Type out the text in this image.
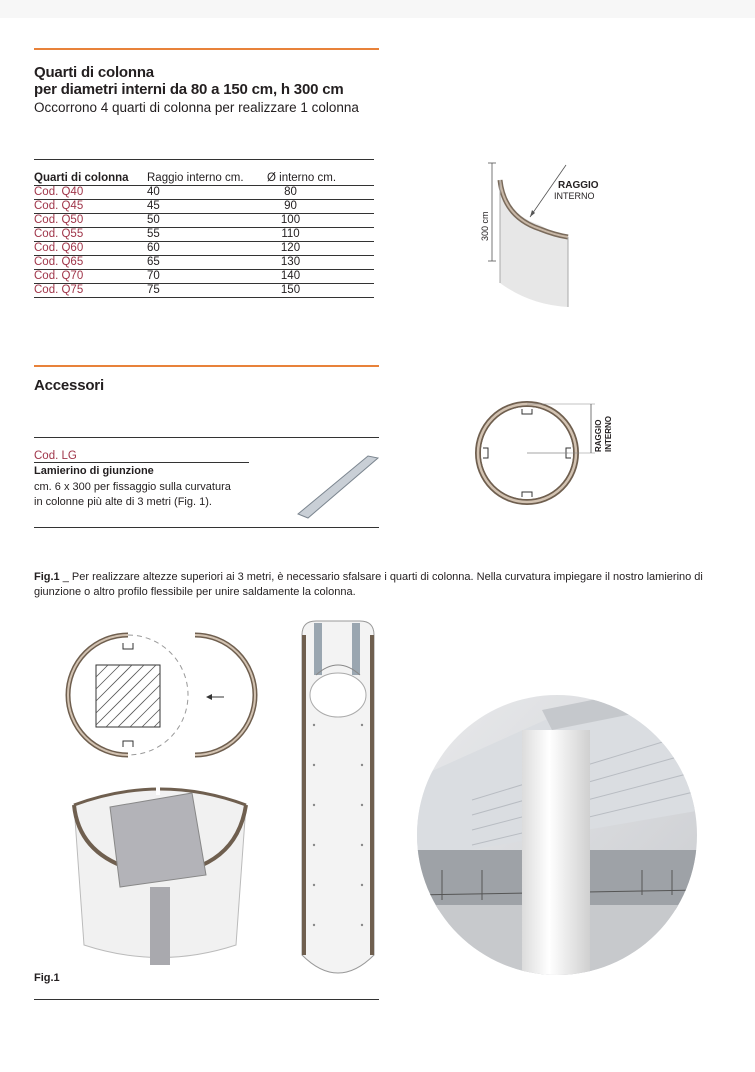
Quarti di colonna
per diametri interni da 80 a 150 cm, h 300 cm
Occorrono 4 quarti di colonna per realizzare 1 colonna
Quarti di colonna	Raggio interno cm.	Ø interno cm.
Cod. Q40	40	80
Cod. Q45	45	90
Cod. Q50	50	100
Cod. Q55	55	110
Cod. Q60	60	120
Cod. Q65	65	130
Cod. Q70	70	140
Cod. Q75	75	150
300 cm
RAGGIO
INTERNO
Accessori
Cod. LG
Lamierino di giunzione
cm. 6 x 300 per fissaggio sulla curvatura
in colonne più alte di 3 metri (Fig. 1).
RAGGIO INTERNO
Fig.1 _ Per realizzare altezze superiori ai 3 metri, è necessario sfalsare i quarti di colonna. Nella curvatura impiegare il nostro lamierino di giunzione o altro profilo flessibile per unire saldamente la colonna.
Fig.1
